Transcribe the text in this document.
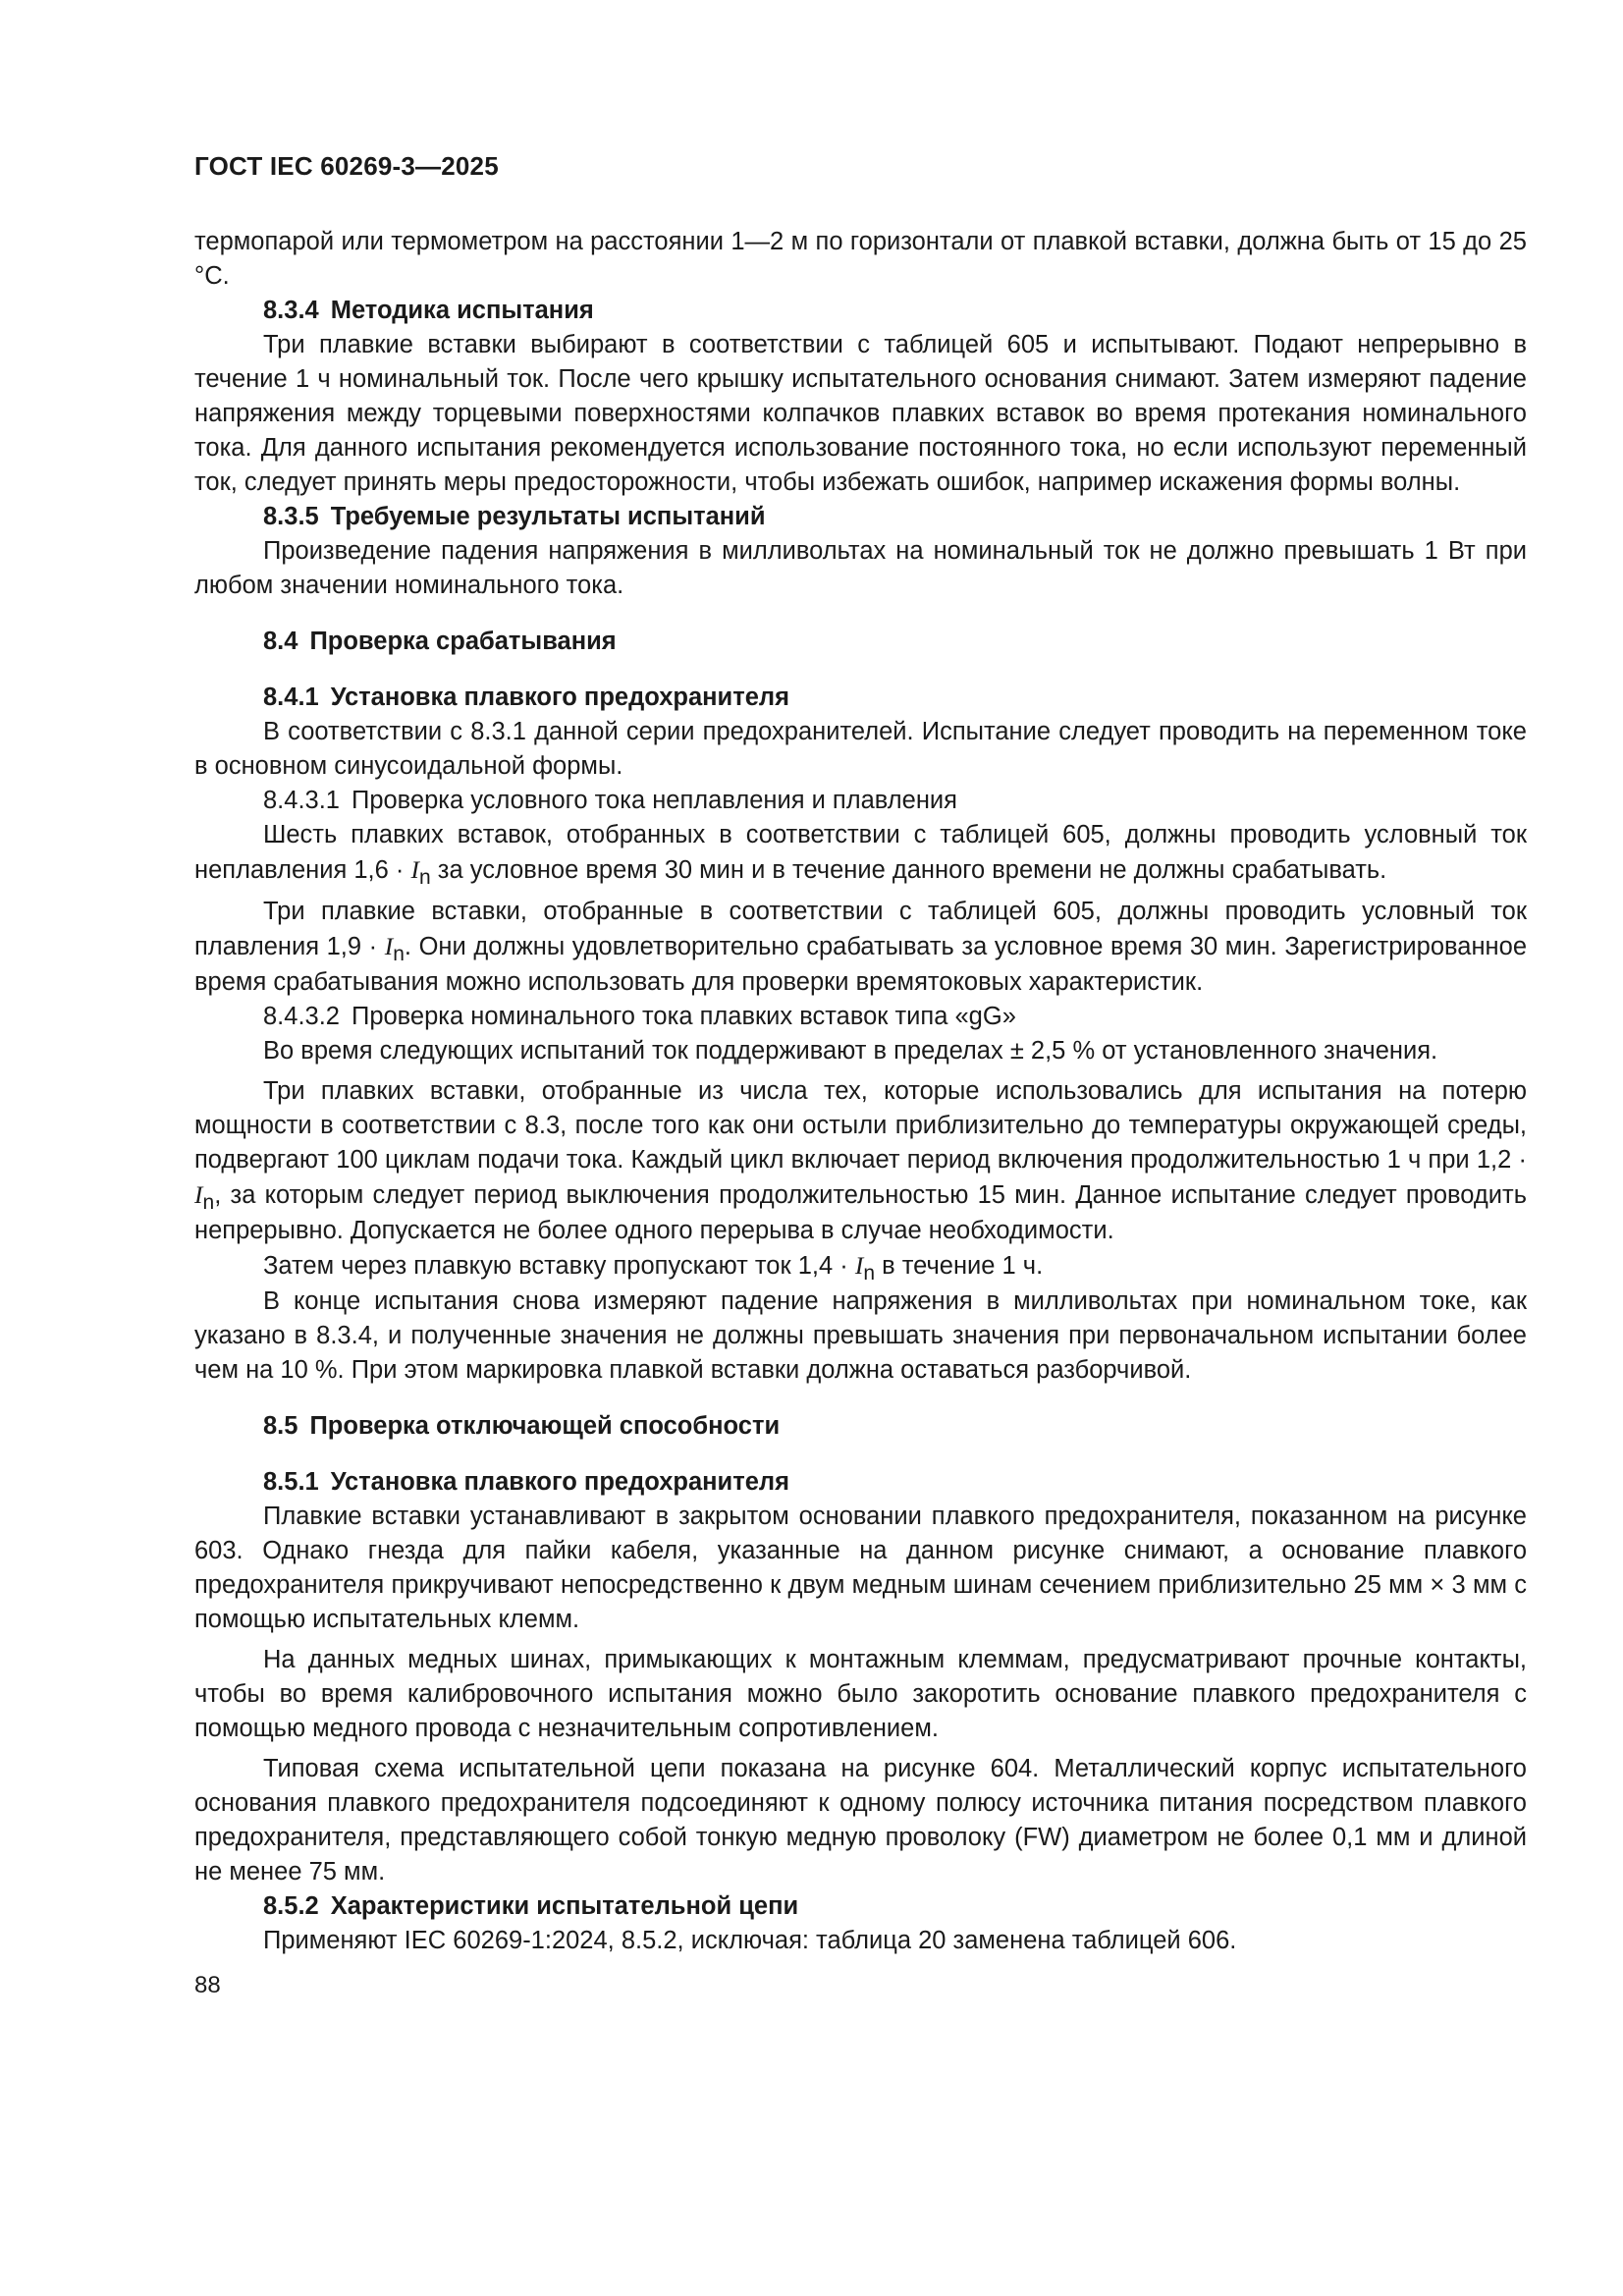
ГОСТ IEC 60269-3—2025

термопарой или термометром на расстоянии 1—2 м по горизонтали от плавкой вставки, должна быть от 15 до 25 °С.

8.3.4 Методика испытания

Три плавкие вставки выбирают в соответствии с таблицей 605 и испытывают. Подают непрерывно в течение 1 ч номинальный ток. После чего крышку испытательного основания снимают. Затем измеряют падение напряжения между торцевыми поверхностями колпачков плавких вставок во время протекания номинального тока. Для данного испытания рекомендуется использование постоянного тока, но если используют переменный ток, следует принять меры предосторожности, чтобы избежать ошибок, например искажения формы волны.

8.3.5 Требуемые результаты испытаний

Произведение падения напряжения в милливольтах на номинальный ток не должно превышать 1 Вт при любом значении номинального тока.

8.4 Проверка срабатывания

8.4.1 Установка плавкого предохранителя

В соответствии с 8.3.1 данной серии предохранителей. Испытание следует проводить на переменном токе в основном синусоидальной формы.

8.4.3.1 Проверка условного тока неплавления и плавления

Шесть плавких вставок, отобранных в соответствии с таблицей 605, должны проводить условный ток неплавления $1,6 \cdot I_n$ за условное время 30 мин и в течение данного времени не должны срабатывать.

Три плавкие вставки, отобранные в соответствии с таблицей 605, должны проводить условный ток плавления $1,9 \cdot I_n$. Они должны удовлетворительно срабатывать за условное время 30 мин. Зарегистрированное время срабатывания можно использовать для проверки времятоковых характеристик.

8.4.3.2 Проверка номинального тока плавких вставок типа «gG»

Во время следующих испытаний ток поддерживают в пределах ± 2,5 % от установленного значения.

Три плавких вставки, отобранные из числа тех, которые использовались для испытания на потерю мощности в соответствии с 8.3, после того как они остыли приблизительно до температуры окружающей среды, подвергают 100 циклам подачи тока. Каждый цикл включает период включения продолжительностью 1 ч при $1,2 \cdot I_n$, за которым следует период выключения продолжительностью 15 мин. Данное испытание следует проводить непрерывно. Допускается не более одного перерыва в случае необходимости.

Затем через плавкую вставку пропускают ток $1,4 \cdot I_n$ в течение 1 ч.

В конце испытания снова измеряют падение напряжения в милливольтах при номинальном токе, как указано в 8.3.4, и полученные значения не должны превышать значения при первоначальном испытании более чем на 10 %. При этом маркировка плавкой вставки должна оставаться разборчивой.

8.5 Проверка отключающей способности

8.5.1 Установка плавкого предохранителя

Плавкие вставки устанавливают в закрытом основании плавкого предохранителя, показанном на рисунке 603. Однако гнезда для пайки кабеля, указанные на данном рисунке снимают, а основание плавкого предохранителя прикручивают непосредственно к двум медным шинам сечением приблизительно 25 мм × 3 мм с помощью испытательных клемм.

На данных медных шинах, примыкающих к монтажным клеммам, предусматривают прочные контакты, чтобы во время калибровочного испытания можно было закоротить основание плавкого предохранителя с помощью медного провода с незначительным сопротивлением.

Типовая схема испытательной цепи показана на рисунке 604. Металлический корпус испытательного основания плавкого предохранителя подсоединяют к одному полюсу источника питания посредством плавкого предохранителя, представляющего собой тонкую медную проволоку (FW) диаметром не более 0,1 мм и длиной не менее 75 мм.

8.5.2 Характеристики испытательной цепи

Применяют IEC 60269-1:2024, 8.5.2, исключая: таблица 20 заменена таблицей 606.

88
